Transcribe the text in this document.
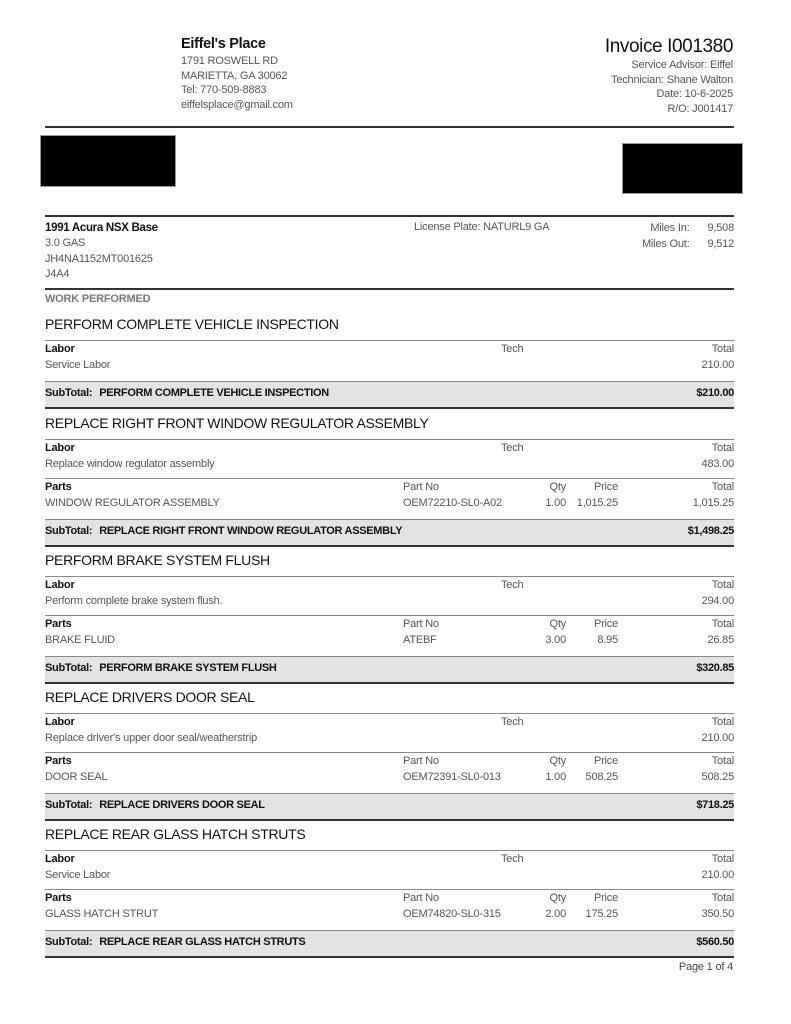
Eiffel's Place
1791 ROSWELL RD
MARIETTA, GA 30062
Tel: 770-509-8883
eiffelsplace@gmail.com
Invoice I001380
Service Advisor: Eiffel
Technician: Shane Walton
Date: 10-6-2025
R/O: J001417
1991 Acura NSX Base
3.0 GAS
JH4NA1152MT001625
J4A4
License Plate: NATURL9 GA	Miles In:	9,508
Miles Out:	9,512
WORK PERFORMED
PERFORM COMPLETE VEHICLE INSPECTION
Labor	Tech	Total
Service Labor	210.00
SubTotal: PERFORM COMPLETE VEHICLE INSPECTION	$210.00
REPLACE RIGHT FRONT WINDOW REGULATOR ASSEMBLY
Labor	Tech	Total
Replace window regulator assembly	483.00
Parts	Part No	Qty	Price	Total
WINDOW REGULATOR ASSEMBLY	OEM72210-SL0-A02	1.00 1,015.25	1,015.25
SubTotal: REPLACE RIGHT FRONT WINDOW REGULATOR ASSEMBLY	$1,498.25
PERFORM BRAKE SYSTEM FLUSH
Labor	Tech	Total
Perform complete brake system flush.	294.00
Parts	Part No	Qty	Price	Total
BRAKE FLUID	ATEBF	3.00	8.95	26.85
SubTotal: PERFORM BRAKE SYSTEM FLUSH	$320.85
REPLACE DRIVERS DOOR SEAL
Labor	Tech	Total
Replace driver's upper door seal/weatherstrip	210.00
Parts	Part No	Qty	Price	Total
DOOR SEAL	OEM72391-SL0-013	1.00 508.25	508.25
SubTotal: REPLACE DRIVERS DOOR SEAL	$718.25
REPLACE REAR GLASS HATCH STRUTS
Labor	Tech	Total
Service Labor	210.00
Parts	Part No	Qty	Price	Total
GLASS HATCH STRUT	OEM74820-SL0-315	2.00 175.25	350.50
SubTotal: REPLACE REAR GLASS HATCH STRUTS	$560.50
Page 1 of 4
